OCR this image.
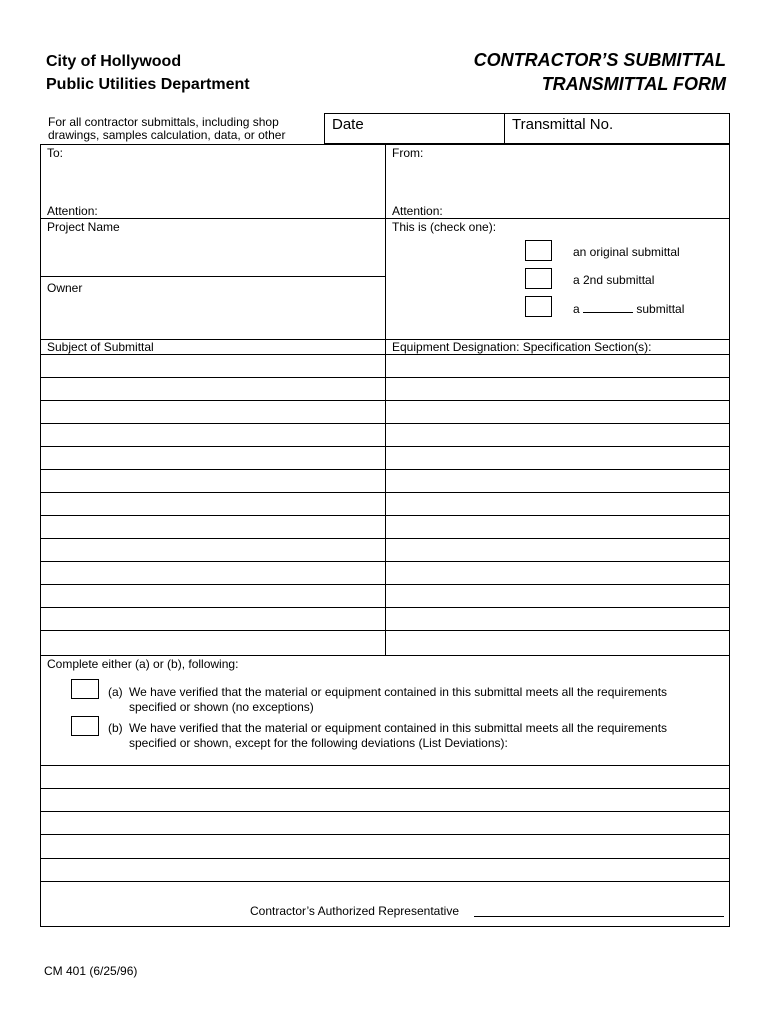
City of Hollywood
Public Utilities Department
CONTRACTOR’S SUBMITTAL
TRANSMITTAL FORM
For all contractor submittals, including shop drawings, samples calculation, data, or other
Date	Transmittal No.
To:	From:
Attention:	Attention:
Project Name	This is (check one):
Owner
an original submittal
a 2nd submittal
a	submittal
Subject of Submittal	Equipment Designation: Specification Section(s):
Complete either (a) or (b), following:
(a) We have verified that the material or equipment contained in this submittal meets all the requirements
specified or shown (no exceptions)
(b) We have verified that the material or equipment contained in this submittal meets all the requirements
specified or shown, except for the following deviations (List Deviations):
Contractor’s Authorized Representative
CM 401 (6/25/96)
